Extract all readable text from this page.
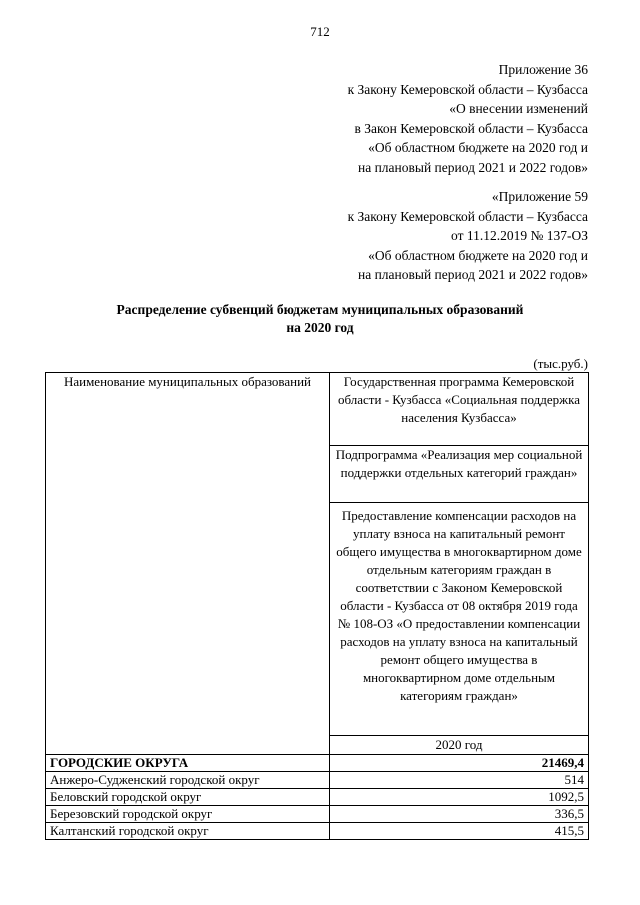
712
Приложение 36
к Закону Кемеровской области – Кузбасса
«О внесении изменений
в Закон Кемеровской области – Кузбасса
«Об областном бюджете на 2020 год и
на плановый период 2021 и 2022 годов»
«Приложение 59
к Закону Кемеровской области – Кузбасса
от 11.12.2019 № 137-ОЗ
«Об областном бюджете на 2020 год и
на плановый период 2021 и 2022 годов»
Распределение субвенций бюджетам муниципальных образований
на 2020 год
(тыс.руб.)
Наименование муниципальных образований	Государственная программа Кемеровской области - Кузбасса «Социальная поддержка населения Кузбасса»
	Подпрограмма «Реализация мер социальной поддержки отдельных категорий граждан»
	Предоставление компенсации расходов на уплату взноса на капитальный ремонт общего имущества в многоквартирном доме отдельным категориям граждан в соответствии с Законом Кемеровской области - Кузбасса от 08 октября 2019 года № 108-ОЗ «О предоставлении компенсации расходов на уплату взноса на капитальный ремонт общего имущества в многоквартирном доме отдельным категориям граждан»
	2020 год
ГОРОДСКИЕ ОКРУГА	21469,4
Анжеро-Судженский городской округ	514
Беловский городской округ	1092,5
Березовский городской округ	336,5
Калтанский городской округ	415,5
